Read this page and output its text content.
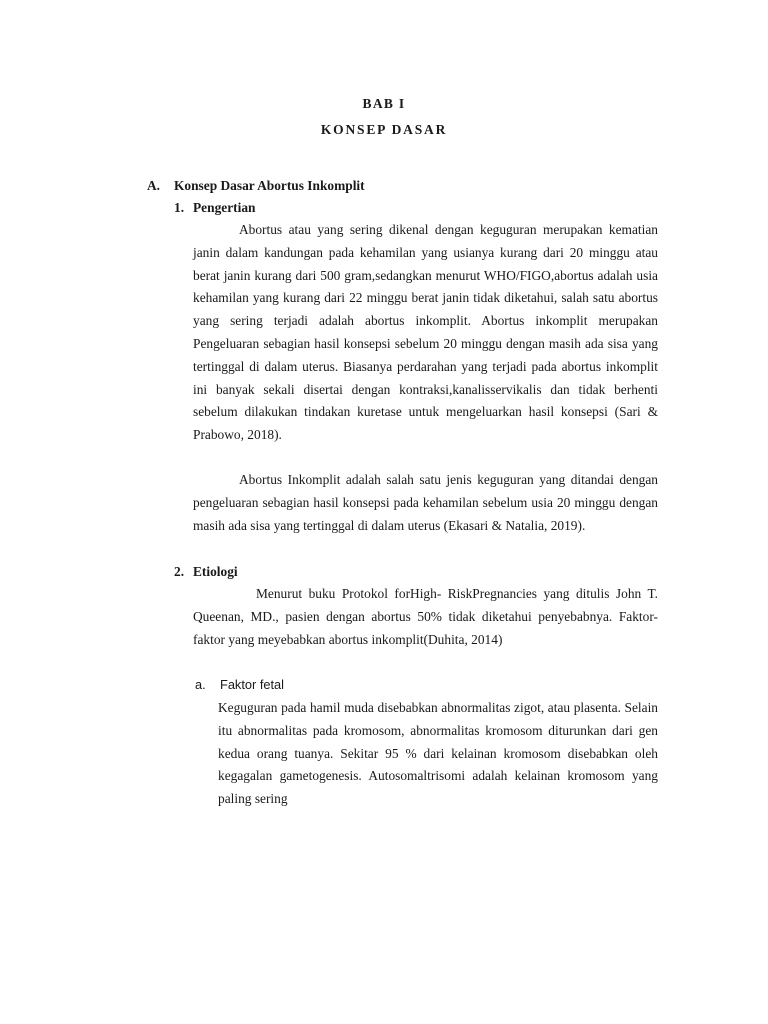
BAB I
KONSEP DASAR
A. Konsep Dasar Abortus Inkomplit
1. Pengertian

Abortus atau yang sering dikenal dengan keguguran merupakan kematian janin dalam kandungan pada kehamilan yang usianya kurang dari 20 minggu atau berat janin kurang dari 500 gram,sedangkan menurut WHO/FIGO,abortus adalah usia kehamilan yang kurang dari 22 minggu berat janin tidak diketahui, salah satu abortus yang sering terjadi adalah abortus inkomplit. Abortus inkomplit merupakan Pengeluaran sebagian hasil konsepsi sebelum 20 minggu dengan masih ada sisa yang tertinggal di dalam uterus. Biasanya perdarahan yang terjadi pada abortus inkomplit ini banyak sekali disertai dengan kontraksi,kanalisservikalis dan tidak berhenti sebelum dilakukan tindakan kuretase untuk mengeluarkan hasil konsepsi (Sari & Prabowo, 2018).

Abortus Inkomplit adalah salah satu jenis keguguran yang ditandai dengan pengeluaran sebagian hasil konsepsi pada kehamilan sebelum usia 20 minggu dengan masih ada sisa yang tertinggal di dalam uterus (Ekasari & Natalia, 2019).

2. Etiologi

Menurut buku Protokol forHigh- RiskPregnancies yang ditulis John T. Queenan, MD., pasien dengan abortus 50% tidak diketahui penyebabnya. Faktor-faktor yang meyebabkan abortus inkomplit(Duhita, 2014)

a. Faktor fetal

Keguguran pada hamil muda disebabkan abnormalitas zigot, atau plasenta. Selain itu abnormalitas pada kromosom, abnormalitas kromosom diturunkan dari gen kedua orang tuanya. Sekitar 95 % dari kelainan kromosom disebabkan oleh kegagalan gametogenesis. Autosomaltrisomi adalah kelainan kromosom yang paling sering
